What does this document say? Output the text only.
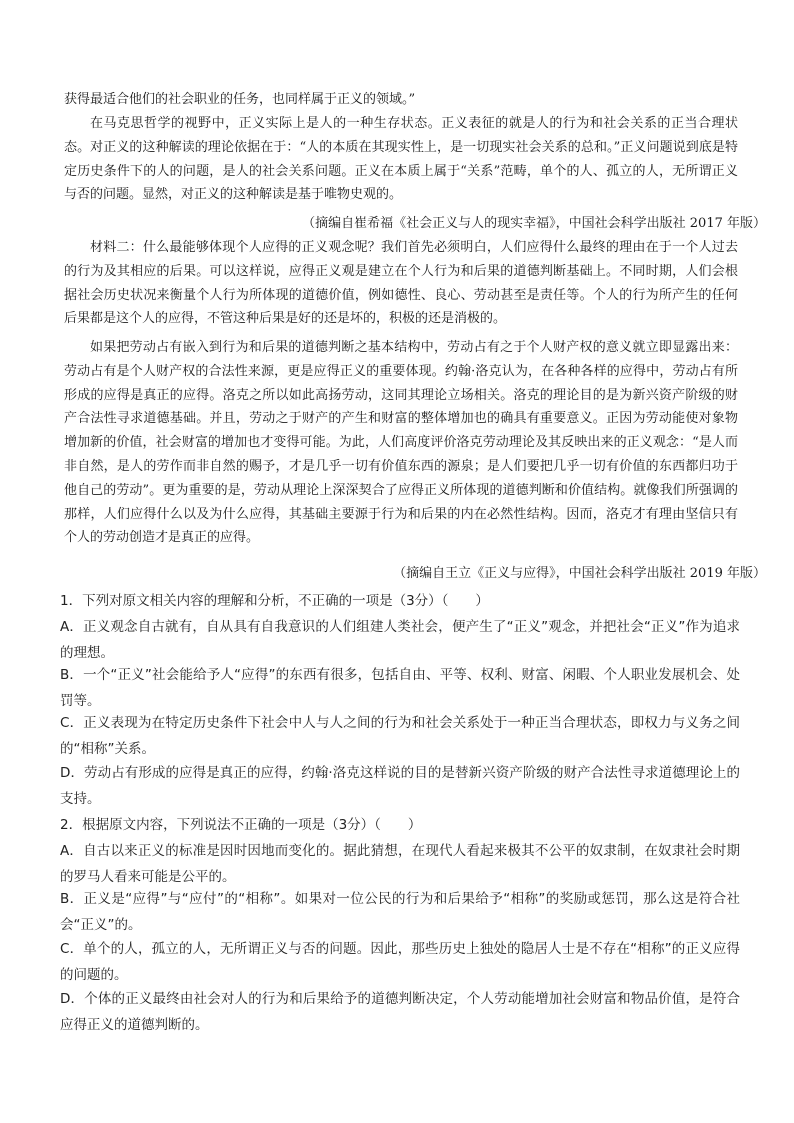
获得最适合他们的社会职业的任务，也同样属于正义的领域。”

在马克思哲学的视野中，正义实际上是人的一种生存状态。正义表征的就是人的行为和社会关系的正当合理状态。对正义的这种解读的理论依据在于：“人的本质在其现实性上，是一切现实社会关系的总和。”正义问题说到底是特定历史条件下的人的问题，是人的社会关系问题。正义在本质上属于“关系”范畴，单个的人、孤立的人，无所谓正义与否的问题。显然，对正义的这种解读是基于唯物史观的。

（摘编自崔希福《社会正义与人的现实幸福》，中国社会科学出版社 2017 年版）

材料二：什么最能够体现个人应得的正义观念呢？我们首先必须明白，人们应得什么最终的理由在于一个人过去的行为及其相应的后果。可以这样说，应得正义观是建立在个人行为和后果的道德判断基础上。不同时期，人们会根据社会历史状况来衡量个人行为所体现的道德价值，例如德性、良心、劳动甚至是责任等。个人的行为所产生的任何后果都是这个人的应得，不管这种后果是好的还是坏的，积极的还是消极的。

如果把劳动占有嵌入到行为和后果的道德判断之基本结构中，劳动占有之于个人财产权的意义就立即显露出来：劳动占有是个人财产权的合法性来源，更是应得正义的重要体现。约翰·洛克认为，在各种各样的应得中，劳动占有所形成的应得是真正的应得。洛克之所以如此高扬劳动，这同其理论立场相关。洛克的理论目的是为新兴资产阶级的财产合法性寻求道德基础。并且，劳动之于财产的产生和财富的整体增加也的确具有重要意义。正因为劳动能使对象物增加新的价值，社会财富的增加也才变得可能。为此，人们高度评价洛克劳动理论及其反映出来的正义观念：“是人而非自然，是人的劳作而非自然的赐予，才是几乎一切有价值东西的源泉；是人们要把几乎一切有价值的东西都归功于他自己的劳动”。更为重要的是，劳动从理论上深深契合了应得正义所体现的道德判断和价值结构。就像我们所强调的那样，人们应得什么以及为什么应得，其基础主要源于行为和后果的内在必然性结构。因而，洛克才有理由坚信只有个人的劳动创造才是真正的应得。

（摘编自王立《正义与应得》，中国社会科学出版社 2019 年版）

1．下列对原文相关内容的理解和分析，不正确的一项是（3分）（　　）

A．正义观念自古就有，自从具有自我意识的人们组建人类社会，便产生了“正义”观念，并把社会“正义”作为追求的理想。

B．一个“正义”社会能给予人“应得”的东西有很多，包括自由、平等、权利、财富、闲暇、个人职业发展机会、处罚等。

C．正义表现为在特定历史条件下社会中人与人之间的行为和社会关系处于一种正当合理状态，即权力与义务之间的“相称”关系。

D．劳动占有形成的应得是真正的应得，约翰·洛克这样说的目的是替新兴资产阶级的财产合法性寻求道德理论上的支持。

2．根据原文内容，下列说法不正确的一项是（3分）（　　）

A．自古以来正义的标准是因时因地而变化的。据此猜想，在现代人看起来极其不公平的奴隶制，在奴隶社会时期的罗马人看来可能是公平的。

B．正义是“应得”与“应付”的“相称”。如果对一位公民的行为和后果给予“相称”的奖励或惩罚，那么这是符合社会“正义”的。

C．单个的人，孤立的人，无所谓正义与否的问题。因此，那些历史上独处的隐居人士是不存在“相称”的正义应得的问题的。

D．个体的正义最终由社会对人的行为和后果给予的道德判断决定，个人劳动能增加社会财富和物品价值，是符合应得正义的道德判断的。
